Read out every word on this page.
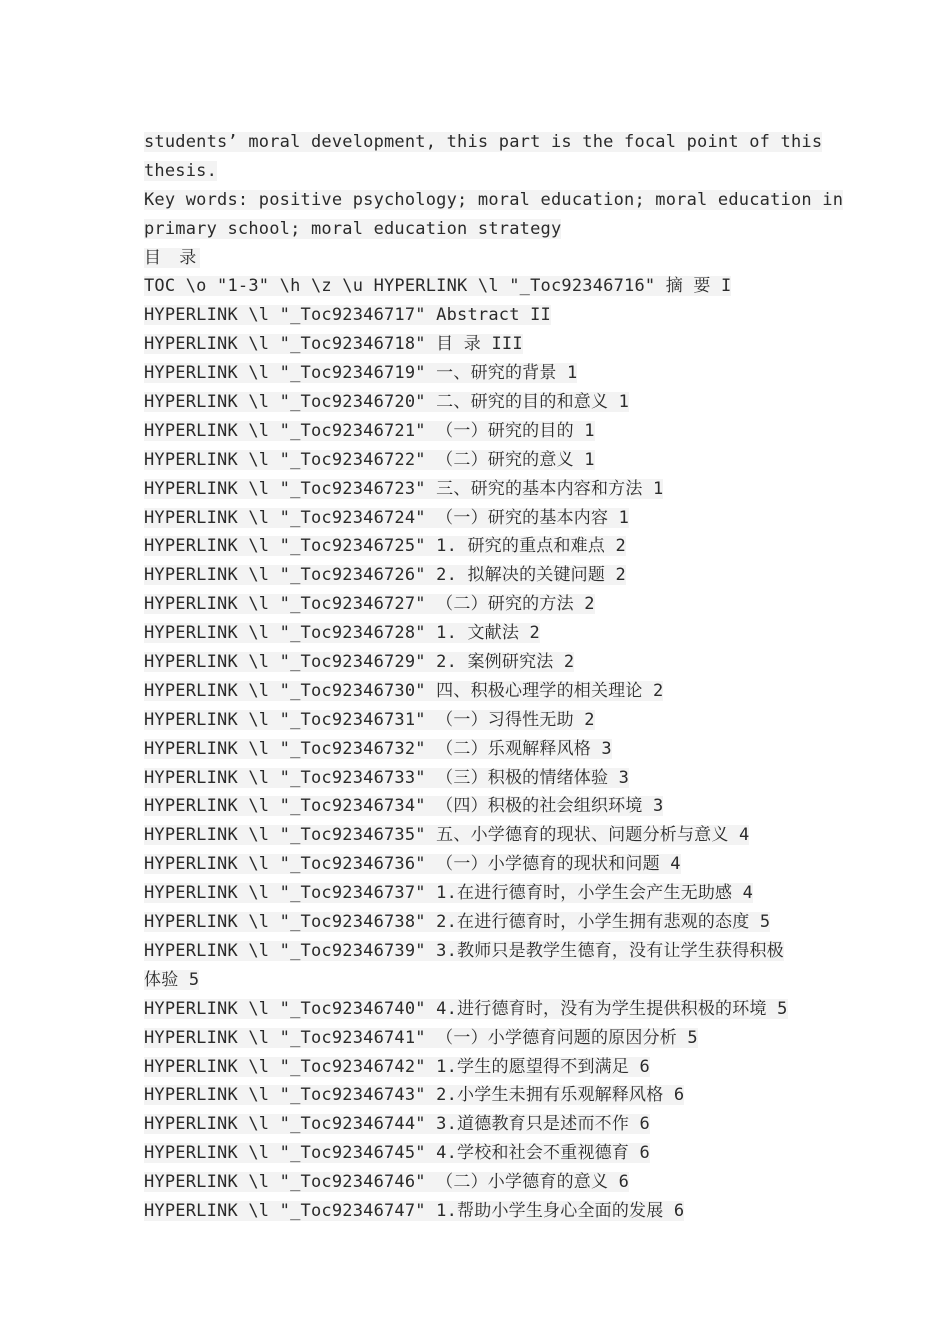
students’ moral development, this part is the focal point of this
thesis.
Key words: positive psychology; moral education; moral education in
primary school; moral education strategy
目 录
TOC \o "1-3" \h \z \u HYPERLINK \l "_Toc92346716" 摘 要 I
HYPERLINK \l "_Toc92346717" Abstract II
HYPERLINK \l "_Toc92346718" 目 录 III
HYPERLINK \l "_Toc92346719" 一、研究的背景 1
HYPERLINK \l "_Toc92346720" 二、研究的目的和意义 1
HYPERLINK \l "_Toc92346721" （一）研究的目的 1
HYPERLINK \l "_Toc92346722" （二）研究的意义 1
HYPERLINK \l "_Toc92346723" 三、研究的基本内容和方法 1
HYPERLINK \l "_Toc92346724" （一）研究的基本内容 1
HYPERLINK \l "_Toc92346725" 1. 研究的重点和难点 2
HYPERLINK \l "_Toc92346726" 2. 拟解决的关键问题 2
HYPERLINK \l "_Toc92346727" （二）研究的方法 2
HYPERLINK \l "_Toc92346728" 1. 文献法 2
HYPERLINK \l "_Toc92346729" 2. 案例研究法 2
HYPERLINK \l "_Toc92346730" 四、积极心理学的相关理论 2
HYPERLINK \l "_Toc92346731" （一）习得性无助 2
HYPERLINK \l "_Toc92346732" （二）乐观解释风格 3
HYPERLINK \l "_Toc92346733" （三）积极的情绪体验 3
HYPERLINK \l "_Toc92346734" （四）积极的社会组织环境 3
HYPERLINK \l "_Toc92346735" 五、小学德育的现状、问题分析与意义 4
HYPERLINK \l "_Toc92346736" （一）小学德育的现状和问题 4
HYPERLINK \l "_Toc92346737" 1.在进行德育时，小学生会产生无助感 4
HYPERLINK \l "_Toc92346738" 2.在进行德育时，小学生拥有悲观的态度 5
HYPERLINK \l "_Toc92346739" 3.教师只是教学生德育，没有让学生获得积极
体验 5
HYPERLINK \l "_Toc92346740" 4.进行德育时，没有为学生提供积极的环境 5
HYPERLINK \l "_Toc92346741" （一）小学德育问题的原因分析 5
HYPERLINK \l "_Toc92346742" 1.学生的愿望得不到满足 6
HYPERLINK \l "_Toc92346743" 2.小学生未拥有乐观解释风格 6
HYPERLINK \l "_Toc92346744" 3.道德教育只是述而不作 6
HYPERLINK \l "_Toc92346745" 4.学校和社会不重视德育 6
HYPERLINK \l "_Toc92346746" （二）小学德育的意义 6
HYPERLINK \l "_Toc92346747" 1.帮助小学生身心全面的发展 6
